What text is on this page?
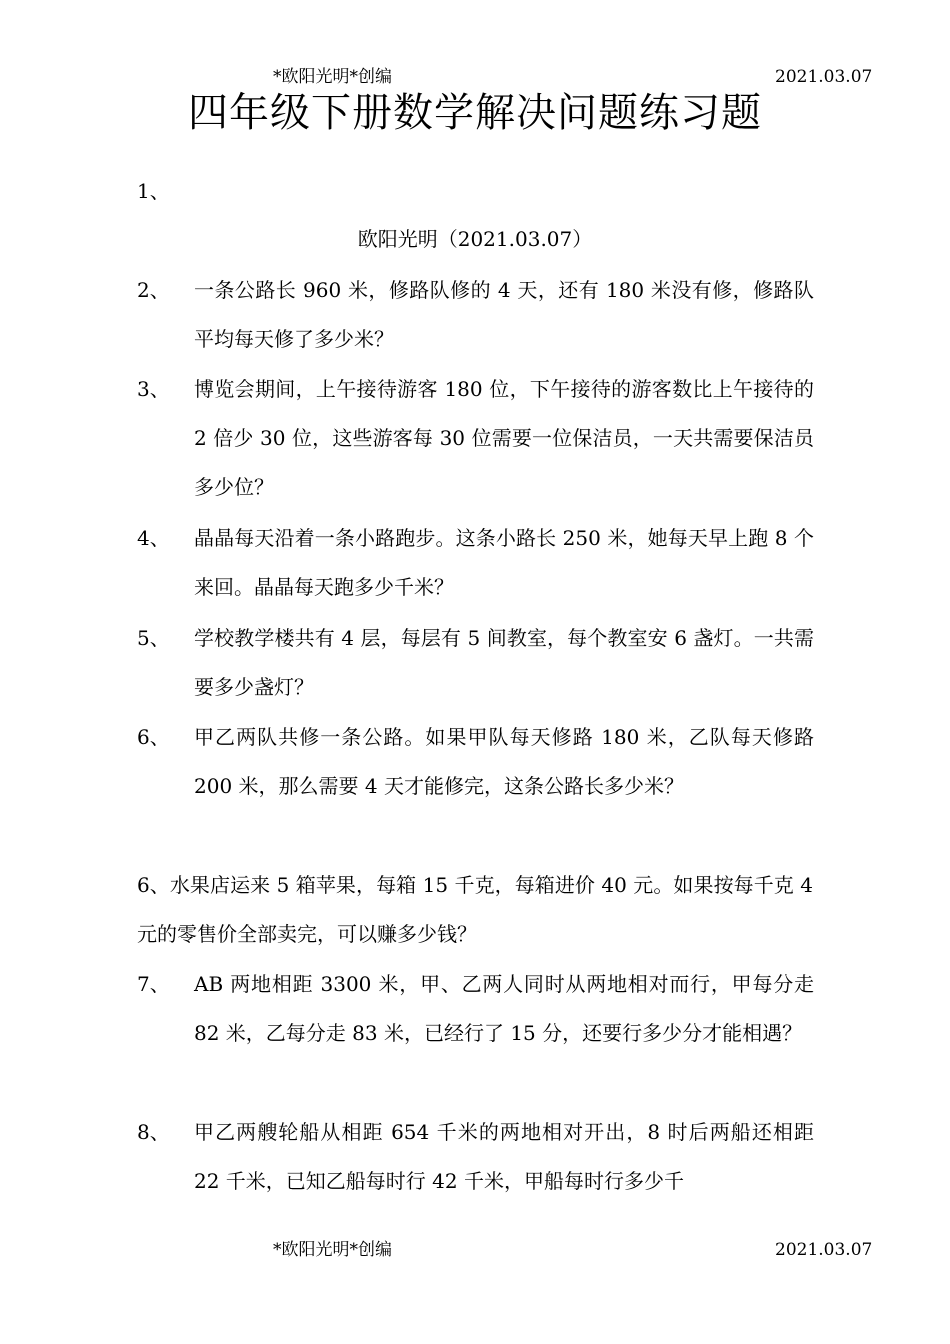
*欧阳光明*创编	2021.03.07
四年级下册数学解决问题练习题
1、
欧阳光明（2021.03.07）
2、 一条公路长 960 米，修路队修的 4 天，还有 180 米没有修，修路队平均每天修了多少米？

3、 博览会期间，上午接待游客 180 位，下午接待的游客数比上午接待的 2 倍少 30 位，这些游客每 30 位需要一位保洁员，一天共需要保洁员多少位？

4、 晶晶每天沿着一条小路跑步。这条小路长 250 米，她每天早上跑 8 个来回。晶晶每天跑多少千米？

5、 学校教学楼共有 4 层，每层有 5 间教室，每个教室安 6 盏灯。一共需要多少盏灯？

6、 甲乙两队共修一条公路。如果甲队每天修路 180 米，乙队每天修路 200 米，那么需要 4 天才能修完，这条公路长多少米？

6、水果店运来 5 箱苹果，每箱 15 千克，每箱进价 40 元。如果按每千克 4 元的零售价全部卖完，可以赚多少钱？

7、 AB 两地相距 3300 米，甲、乙两人同时从两地相对而行，甲每分走 82 米，乙每分走 83 米，已经行了 15 分，还要行多少分才能相遇？

8、 甲乙两艘轮船从相距 654 千米的两地相对开出，8 时后两船还相距 22 千米，已知乙船每时行 42 千米，甲船每时行多少千

*欧阳光明*创编	2021.03.07
